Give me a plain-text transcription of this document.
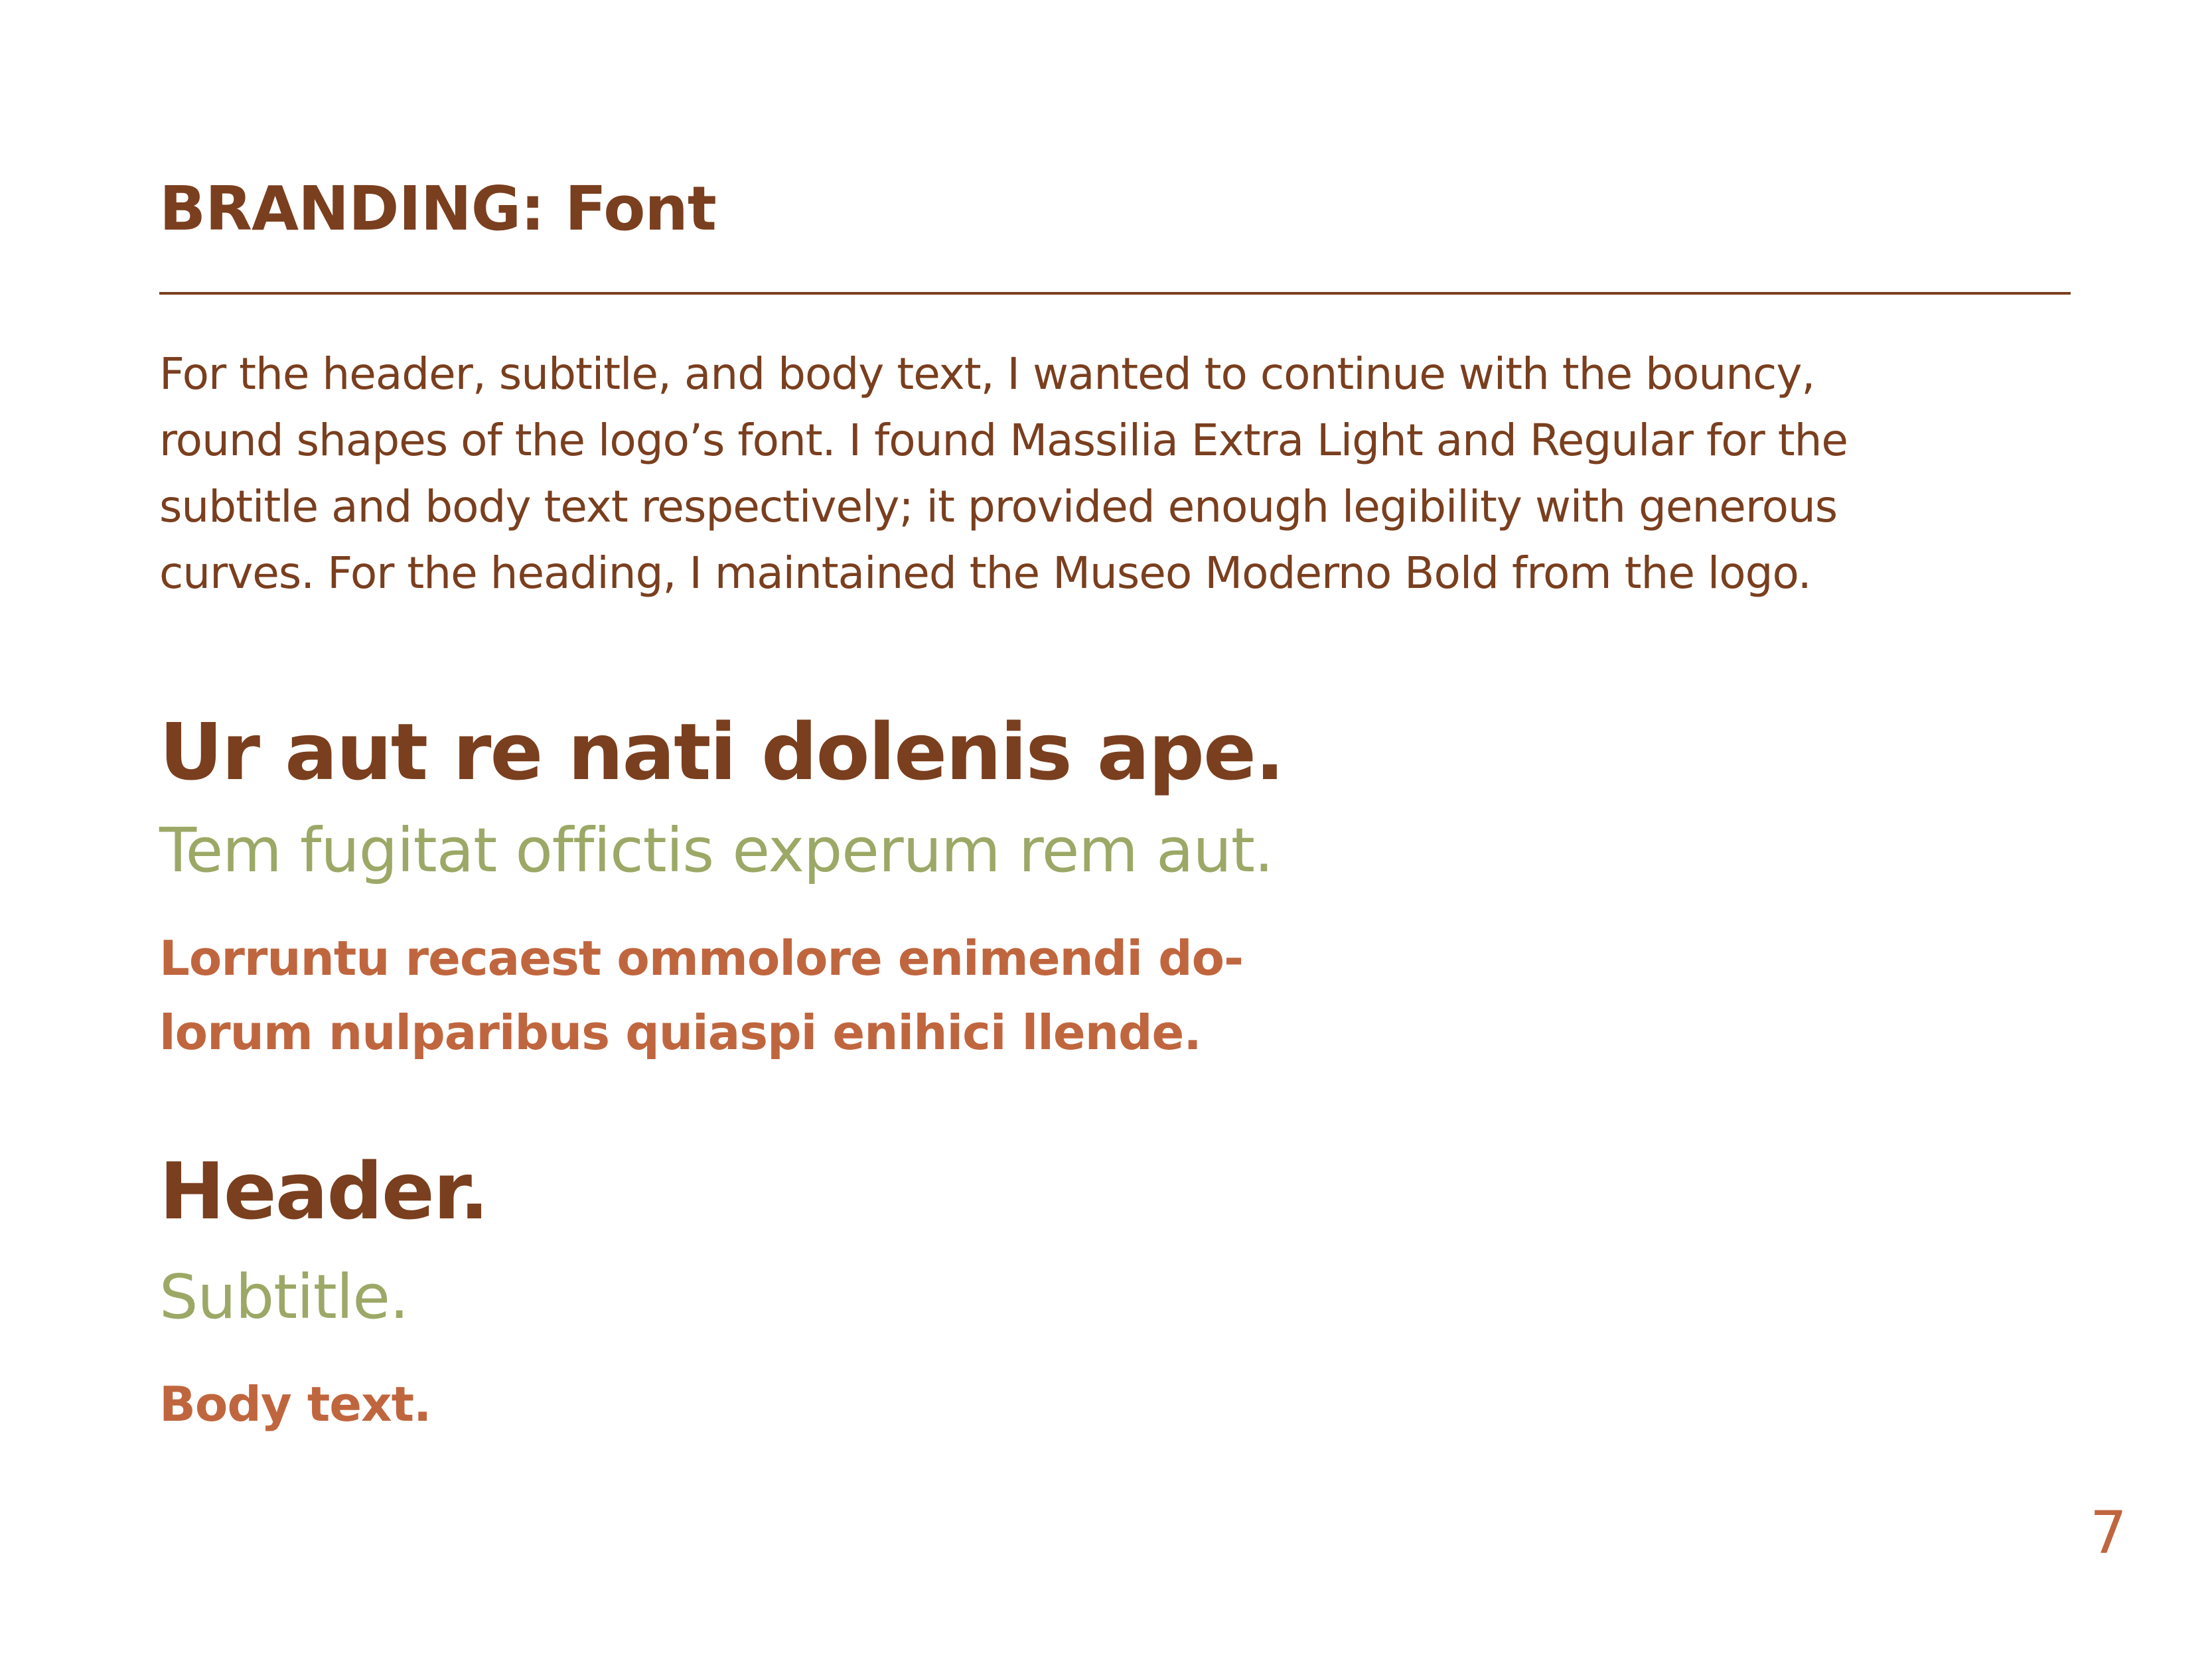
BRANDING: Font

For the header, subtitle, and body text, I wanted to continue with the bouncy,
round shapes of the logo’s font. I found Massilia Extra Light and Regular for the
subtitle and body text respectively; it provided enough legibility with generous
curves. For the heading, I maintained the Museo Moderno Bold from the logo.

Ur aut re nati dolenis ape.

Tem fugitat offictis experum rem aut.

Lorruntu recaest ommolore enimendi do-
lorum nulparibus quiaspi enihici llende.

Header.

Subtitle.

Body text.

7
